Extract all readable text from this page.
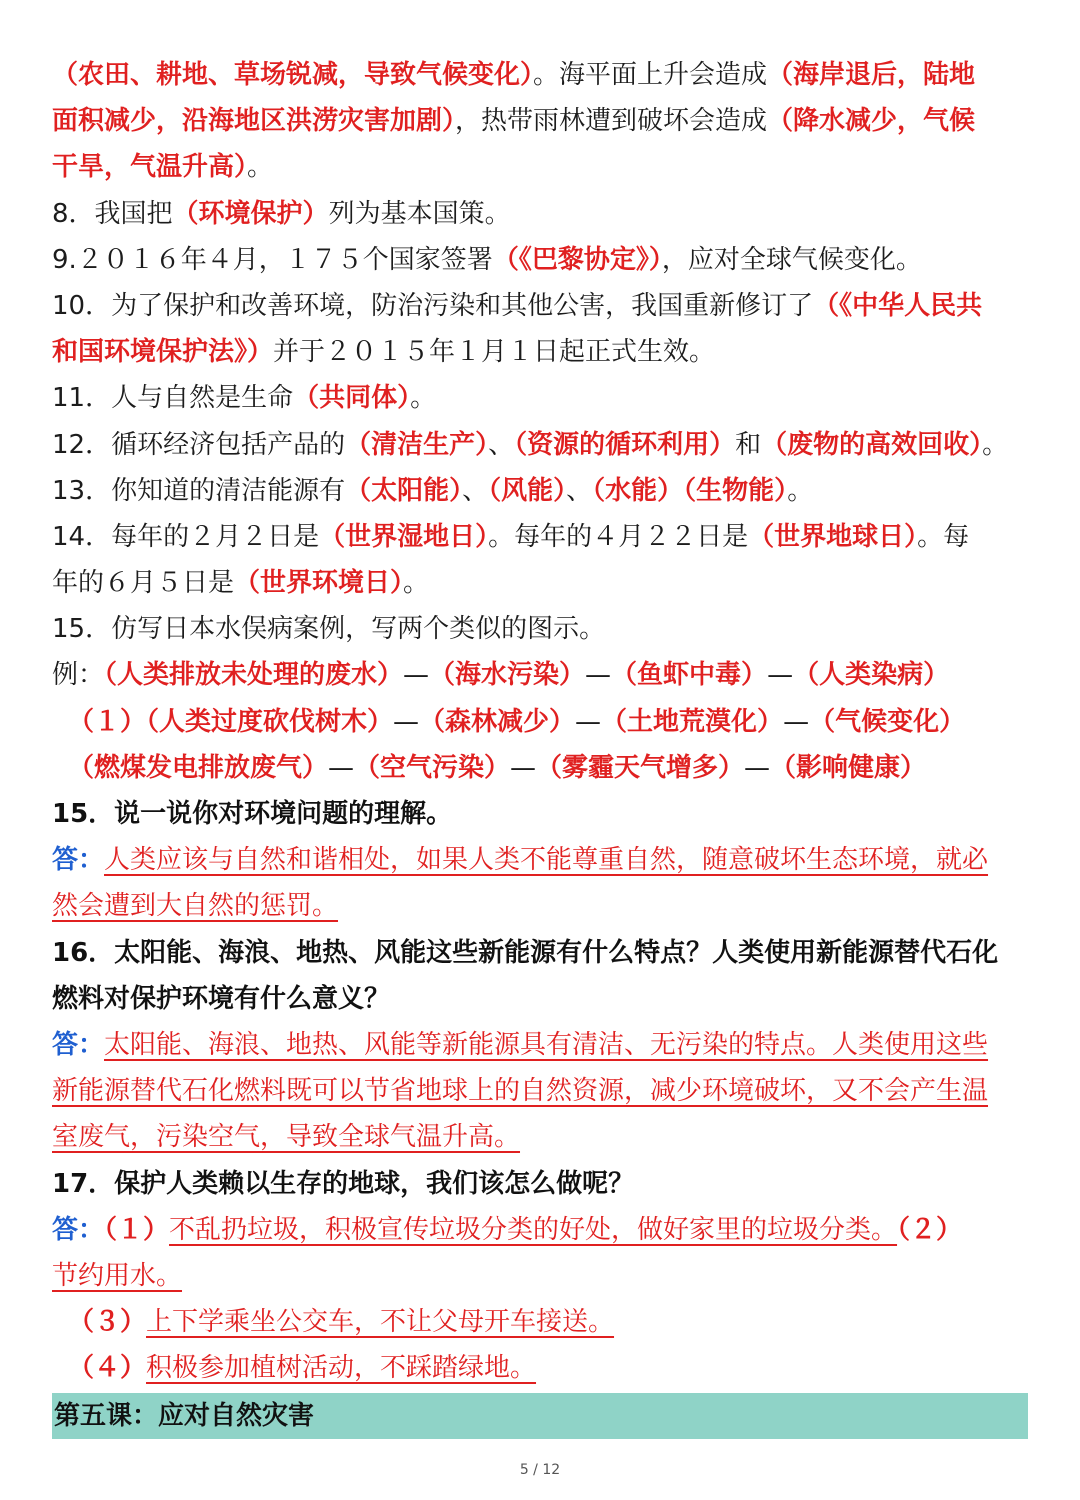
（农田、耕地、草场锐减，导致气候变化）。海平面上升会造成（海岸退后，陆地
面积减少，沿海地区洪涝灾害加剧），热带雨林遭到破坏会造成（降水减少，气候
干旱，气温升高）。
8．我国把（环境保护）列为基本国策。
9.２０１６年４月，１７５个国家签署（《巴黎协定》），应对全球气候变化。
10．为了保护和改善环境，防治污染和其他公害，我国重新修订了（《中华人民共
和国环境保护法》）并于２０１５年１月１日起正式生效。
11．人与自然是生命（共同体）。
12．循环经济包括产品的（清洁生产）、（资源的循环利用）和（废物的高效回收）。
13．你知道的清洁能源有（太阳能）、（风能）、（水能）（生物能）。
14．每年的２月２日是（世界湿地日）。每年的４月２２日是（世界地球日）。每
年的６月５日是（世界环境日）。
15．仿写日本水俣病案例，写两个类似的图示。
例：（人类排放未处理的废水）—（海水污染）—（鱼虾中毒）—（人类染病）
（１）（人类过度砍伐树木）—（森林减少）—（土地荒漠化）—（气候变化）
（燃煤发电排放废气）—（空气污染）—（雾霾天气增多）—（影响健康）
15．说一说你对环境问题的理解。
答：人类应该与自然和谐相处，如果人类不能尊重自然，随意破坏生态环境，就必
然会遭到大自然的惩罚。
16．太阳能、海浪、地热、风能这些新能源有什么特点？人类使用新能源替代石化
燃料对保护环境有什么意义？
答：太阳能、海浪、地热、风能等新能源具有清洁、无污染的特点。人类使用这些
新能源替代石化燃料既可以节省地球上的自然资源，减少环境破坏，又不会产生温
室废气，污染空气，导致全球气温升高。
17．保护人类赖以生存的地球，我们该怎么做呢？
答：（１）不乱扔垃圾，积极宣传垃圾分类的好处，做好家里的垃圾分类。（２）
节约用水。
（３）上下学乘坐公交车，不让父母开车接送。
（４）积极参加植树活动，不踩踏绿地。
第五课：应对自然灾害
5 / 12
